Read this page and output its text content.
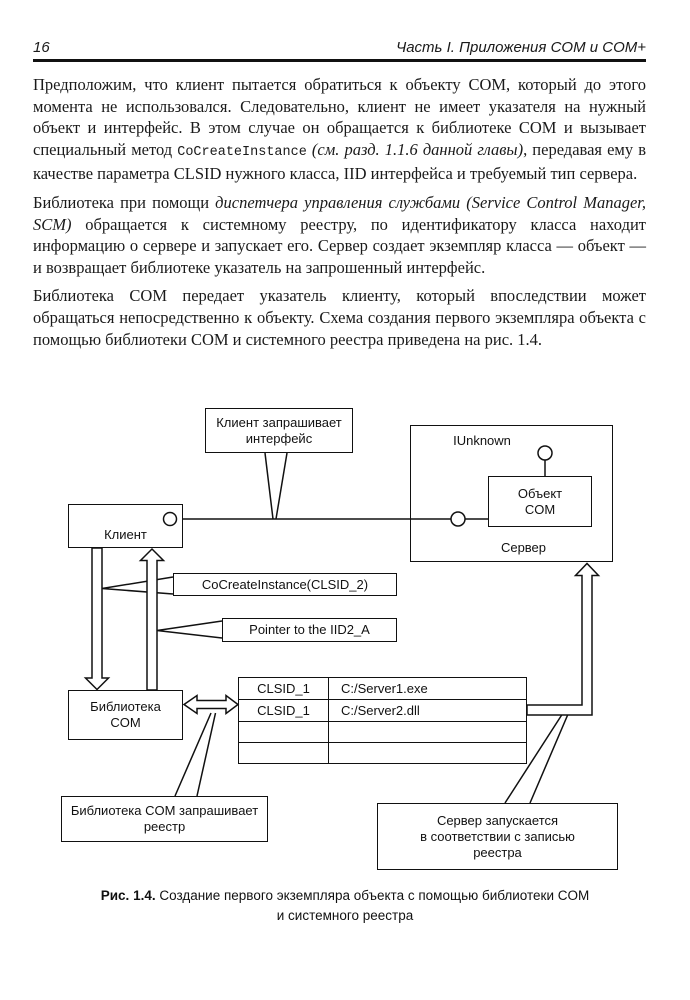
16	Часть I. Приложения COM и COM+

Предположим, что клиент пытается обратиться к объекту COM, который до этого момента не использовался. Следовательно, клиент не имеет указателя на нужный объект и интерфейс. В этом случае он обращается к библиотеке COM и вызывает специальный метод CoCreateInstance (см. разд. 1.1.6 данной главы), передавая ему в качестве параметра CLSID нужного класса, IID интерфейса и требуемый тип сервера.

Библиотека при помощи диспетчера управления службами (Service Control Manager, SCM) обращается к системному реестру, по идентификатору класса находит информацию о сервере и запускает его. Сервер создает экземпляр класса — объект — и возвращает библиотеке указатель на запрошенный интерфейс.

Библиотека COM передает указатель клиенту, который впоследствии может обращаться непосредственно к объекту. Схема создания первого экземпляра объекта с помощью библиотеки COM и системного реестра приведена на рис. 1.4.

Клиент запрашивает
интерфейс
Клиент
IUnknown
Объект
COM
Сервер
CoCreateInstance(CLSID_2)
Pointer to the IID2_A
Библиотека
COM
CLSID_1	C:/Server1.exe
CLSID_1	C:/Server2.dll

Библиотека COM запрашивает
реестр	Сервер запускается
в соответствии с записью
реестра
Рис. 1.4. Создание первого экземпляра объекта с помощью библиотеки COM
и системного реестра
